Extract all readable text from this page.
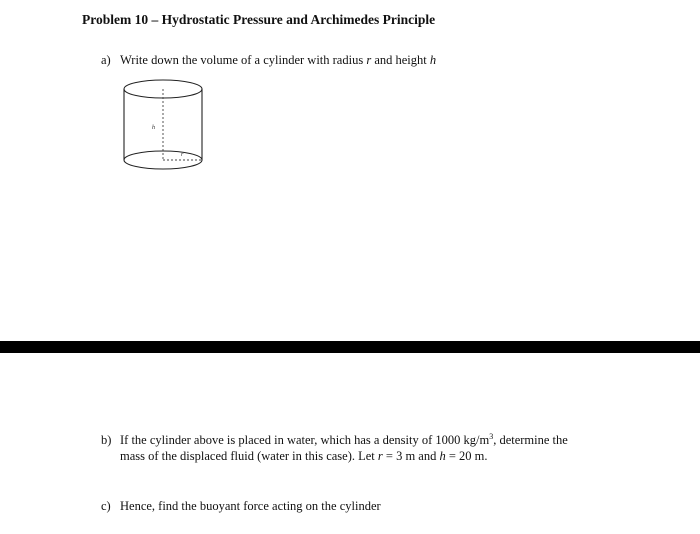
Problem 10 – Hydrostatic Pressure and Archimedes Principle
a) Write down the volume of a cylinder with radius r and height h
h
r
b) If the cylinder above is placed in water, which has a density of 1000 $kg/m^3$, determine the
mass of the displaced fluid (water in this case). Let r = 3 m and h = 20 m.
c) Hence, find the buoyant force acting on the cylinder
